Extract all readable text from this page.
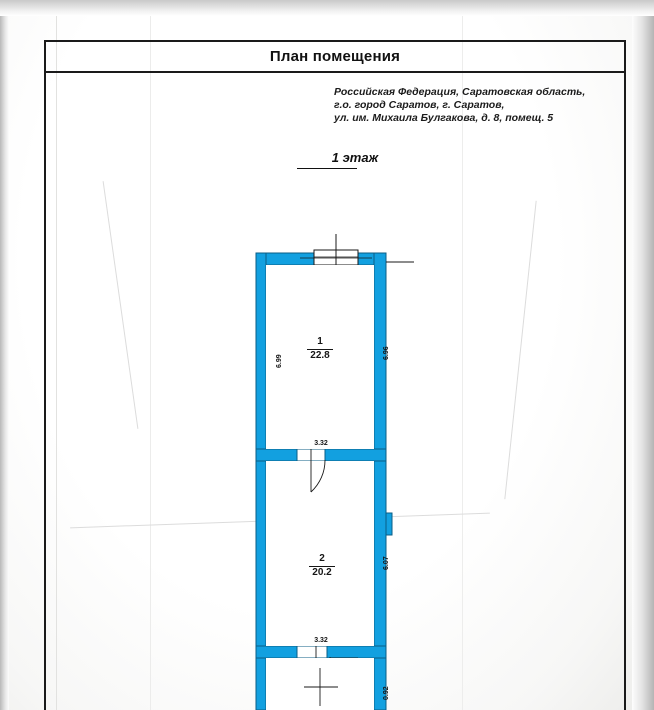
План помещения
Российская Федерация, Саратовская область,
г.о. город Саратов, г. Саратов,
ул. им. Михаила Булгакова, д. 8, помещ. 5
1 этаж
1
22.8
6.99
6.96
3.32
2
20.2
6.07
3.32
0.92
